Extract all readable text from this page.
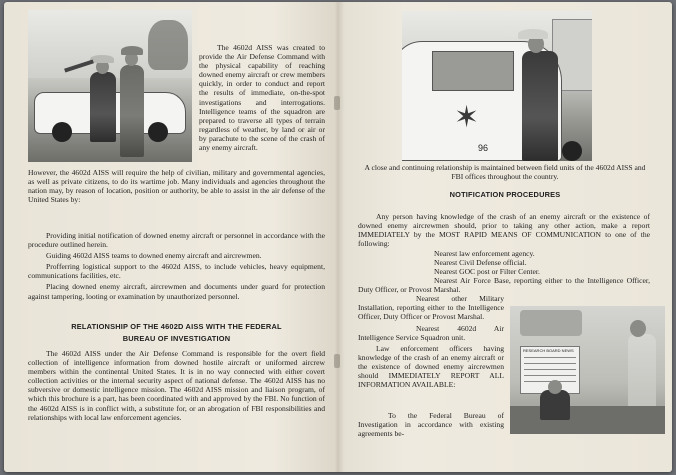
The 4602d AISS was created to provide the Air Defense Command with the physical capability of reaching downed enemy aircraft or crew members quickly, in order to conduct and report the results of immediate, on-the-spot investigations and interrogations. Intelligence teams of the squadron are prepared to traverse all types of terrain regardless of weather, by land or air or by parachute to the scene of the crash of any enemy aircraft.

However, the 4602d AISS will require the help of civilian, military and governmental agencies, as well as private citizens, to do its wartime job. Many individuals and agencies throughout the nation may, by reason of location, position or authority, be able to assist in the air defense of the United States by:

Providing initial notification of downed enemy aircraft or personnel in accordance with the procedure outlined herein.

Guiding 4602d AISS teams to downed enemy aircraft and aircrewmen.

Profferring logistical support to the 4602d AISS, to include vehicles, heavy equipment, communications facilities, etc.

Placing downed enemy aircraft, aircrewmen and documents under guard for protection against tampering, looting or examination by unauthorized personnel.

RELATIONSHIP OF THE 4602D AISS WITH THE FEDERAL
BUREAU OF INVESTIGATION

The 4602d AISS under the Air Defense Command is responsible for the overt field collection of intelligence information from downed hostile aircraft or uniformed aircrew members within the continental United States. It is in no way connected with either covert collection activities or the internal security aspect of national defense. The 4602d AISS has no subversive or domestic intelligence mission. The 4602d AISS mission and liaison program, of which this brochure is a part, has been coordinated with and approved by the FBI. No function of the 4602d AISS is in conflict with, a substitute for, or an abrogation of FBI responsibilities and relationships with local law enforcement agencies.

✶
96

A close and continuing relationship is maintained between field units of the 4602d AISS and FBI offices throughout the country.

NOTIFICATION PROCEDURES

Any person having knowledge of the crash of an enemy aircraft or the existence of downed enemy aircrewmen should, prior to taking any other action, make a report IMMEDIATELY by the MOST RAPID MEANS OF COMMUNICATION to one of the following:

Nearest law enforcement agency.

Nearest Civil Defense official.

Nearest GOC post or Filter Center.

Nearest Air Force Base, reporting either to the Intelligence Officer, Duty Officer, or Provost Marshal.

RESEARCH BOARD NEWS

Nearest other Military Installation, reporting either to the Intelligence Officer, Duty Officer or Provost Marshal.

Nearest 4602d Air Intelligence Service Squadron unit.

Law enforcement officers having knowledge of the crash of an enemy aircraft or the existence of downed enemy aircrewmen should IMMEDIATELY REPORT ALL INFORMATION AVAILABLE:

To the Federal Bureau of Investigation in accordance with existing agreements be-
